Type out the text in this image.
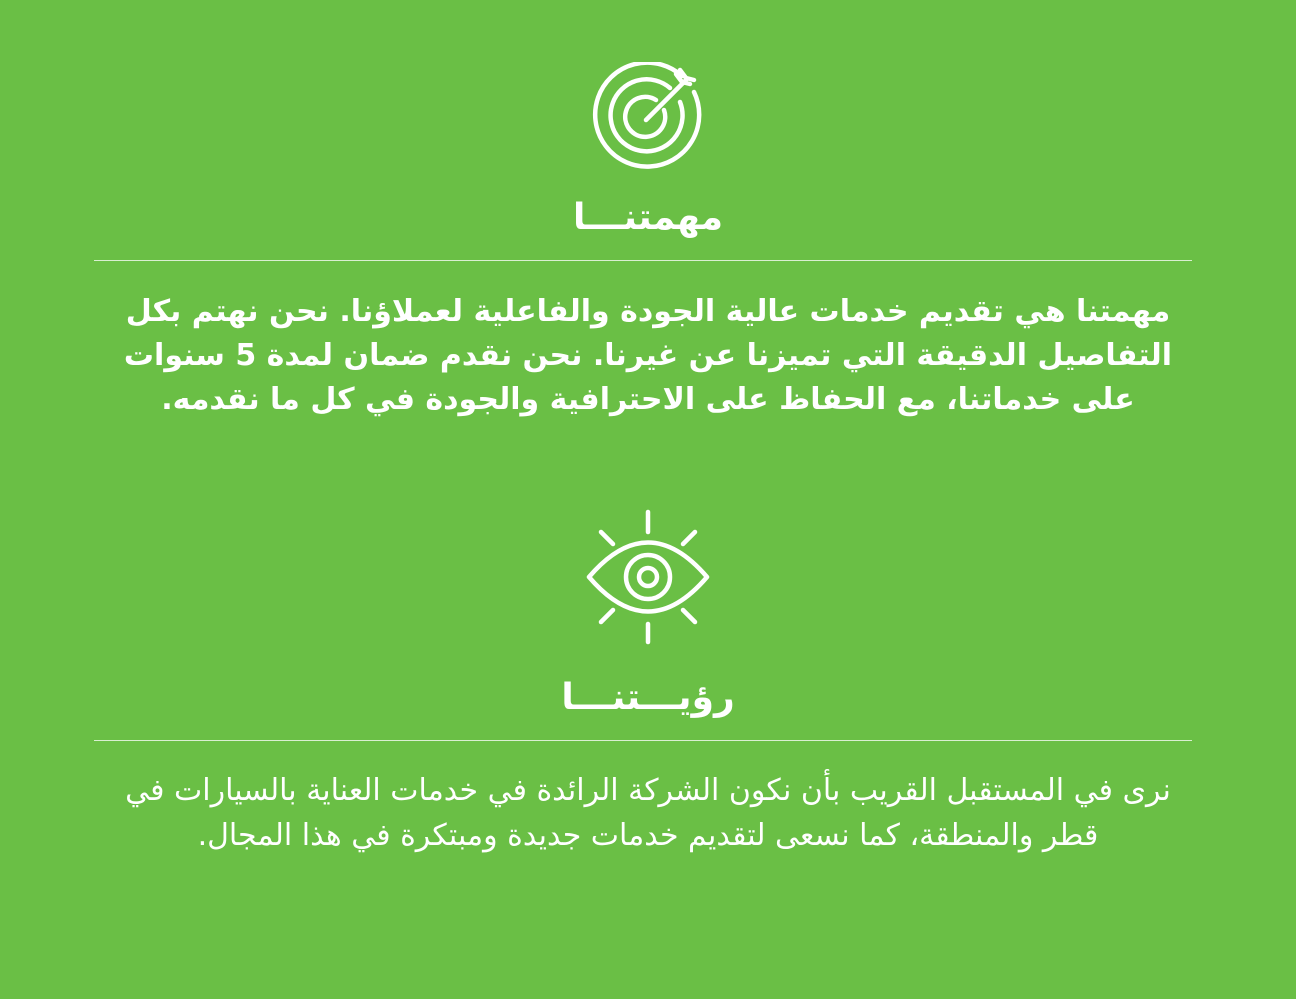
مهمتنـــا
مهمتنا هي تقديم خدمات عالية الجودة والفاعلية لعملاؤنا. نحن نهتم بكل التفاصيل الدقيقة التي تميزنا عن غيرنا. نحن نقدم ضمان لمدة 5 سنوات على خدماتنا، مع الحفاظ على الاحترافية والجودة في كل ما نقدمه.
رؤيـــتنـــا
نرى في المستقبل القريب بأن نكون الشركة الرائدة في خدمات العناية بالسيارات في قطر والمنطقة، كما نسعى لتقديم خدمات جديدة ومبتكرة في هذا المجال.
